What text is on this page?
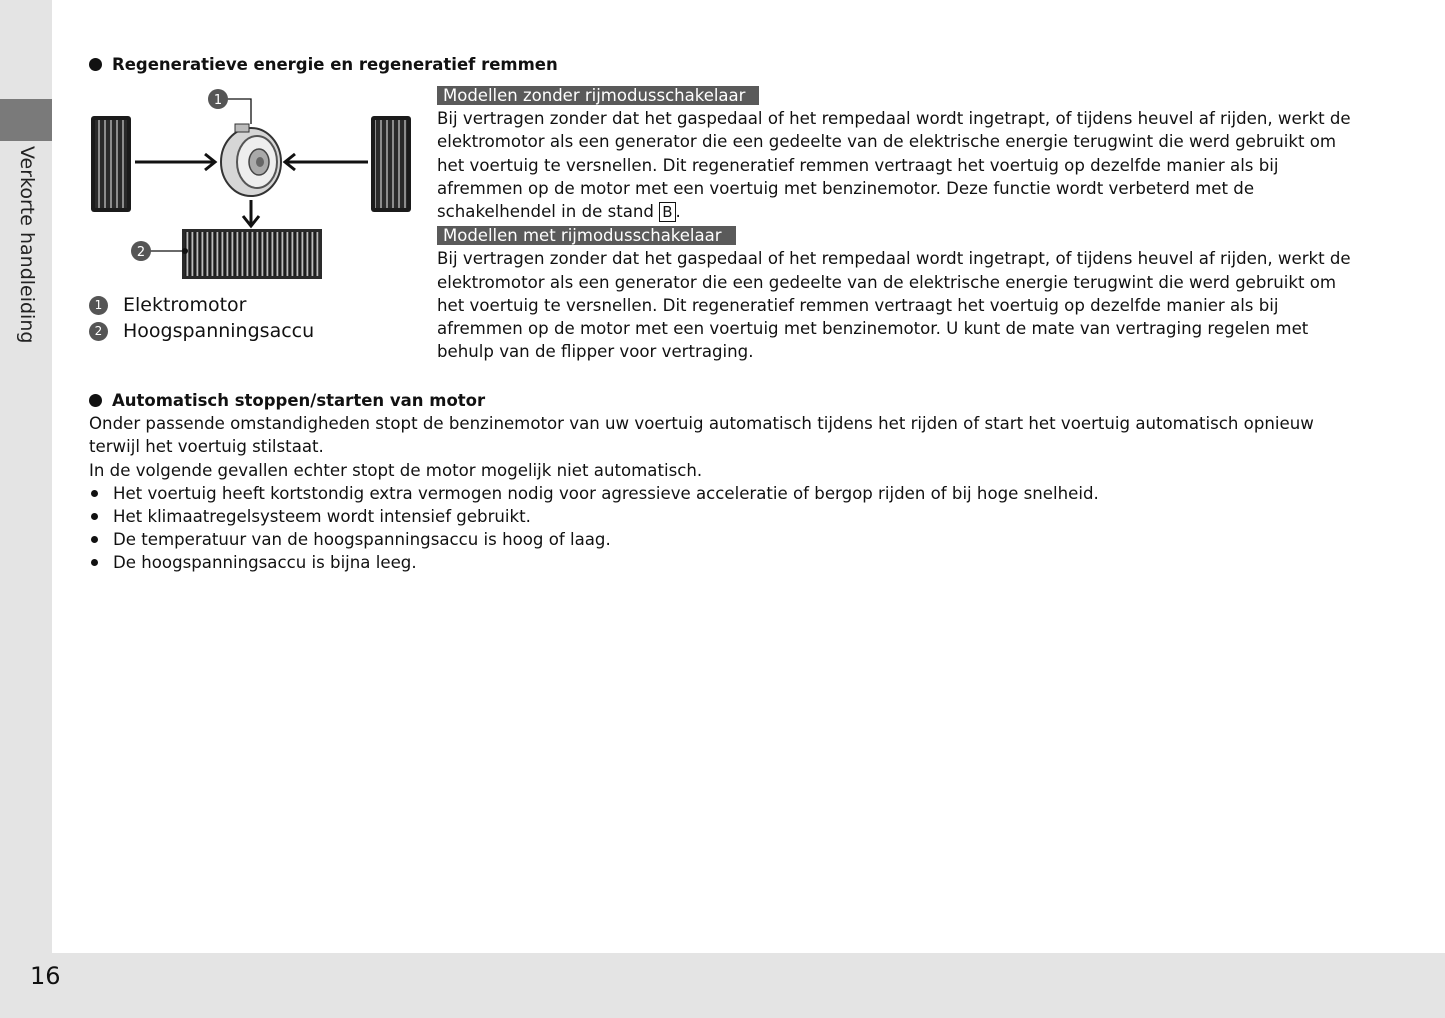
Verkorte handleiding
16
Regeneratieve energie en regeneratief remmen
1
2
1 Elektromotor
2 Hoogspanningsaccu
Modellen zonder rijmodusschakelaar
Bij vertragen zonder dat het gaspedaal of het rempedaal wordt ingetrapt, of tijdens heuvel af rijden, werkt de elektromotor als een generator die een gedeelte van de elektrische energie terugwint die werd gebruikt om het voertuig te versnellen. Dit regeneratief remmen vertraagt het voertuig op dezelfde manier als bij afremmen op de motor met een voertuig met benzinemotor. Deze functie wordt verbeterd met de schakelhendel in de stand B .
Modellen met rijmodusschakelaar
Bij vertragen zonder dat het gaspedaal of het rempedaal wordt ingetrapt, of tijdens heuvel af rijden, werkt de elektromotor als een generator die een gedeelte van de elektrische energie terugwint die werd gebruikt om het voertuig te versnellen. Dit regeneratief remmen vertraagt het voertuig op dezelfde manier als bij afremmen op de motor met een voertuig met benzinemotor. U kunt de mate van vertraging regelen met behulp van de flipper voor vertraging.
Automatisch stoppen/starten van motor

Onder passende omstandigheden stopt de benzinemotor van uw voertuig automatisch tijdens het rijden of start het voertuig automatisch opnieuw terwijl het voertuig stilstaat.

In de volgende gevallen echter stopt de motor mogelijk niet automatisch.

Het voertuig heeft kortstondig extra vermogen nodig voor agressieve acceleratie of bergop rijden of bij hoge snelheid.
Het klimaatregelsysteem wordt intensief gebruikt.
De temperatuur van de hoogspanningsaccu is hoog of laag.
De hoogspanningsaccu is bijna leeg.
